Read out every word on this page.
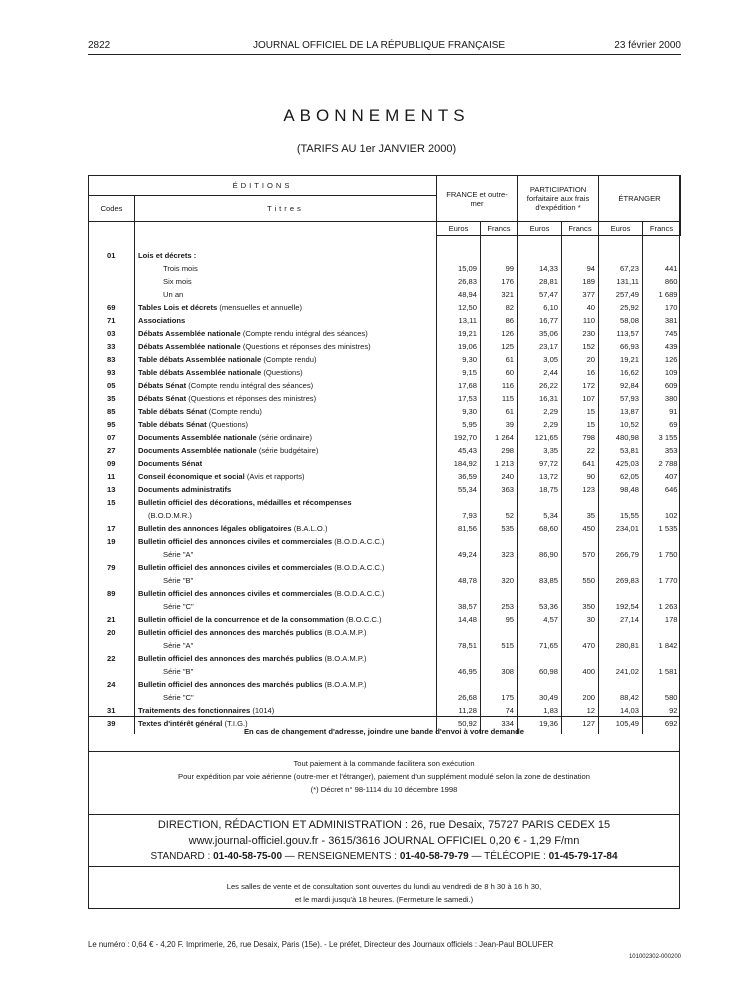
2822	JOURNAL OFFICIEL DE LA RÉPUBLIQUE FRANÇAISE	23 février 2000
ABONNEMENTS
(TARIFS AU 1er JANVIER 2000)
ÉDITIONS		FRANCE et outre-mer		PARTICIPATION forfaitaire aux frais d'expédition *		ÉTRANGER	
Codes	Titres						
		Euros	Francs	Euros	Francs	Euros	Francs

01	Lois et décrets :						
	Trois mois	15,09	99	14,33	94	67,23	441
	Six mois	26,83	176	28,81	189	131,11	860
	Un an	48,94	321	57,47	377	257,49	1 689
69	Tables Lois et décrets (mensuelles et annuelle)	12,50	82	6,10	40	25,92	170
71	Associations	13,11	86	16,77	110	58,08	381
03	Débats Assemblée nationale (Compte rendu intégral des séances)	19,21	126	35,06	230	113,57	745
33	Débats Assemblée nationale (Questions et réponses des ministres)	19,06	125	23,17	152	66,93	439
83	Table débats Assemblée nationale (Compte rendu)	9,30	61	3,05	20	19,21	126
93	Table débats Assemblée nationale (Questions)	9,15	60	2,44	16	16,62	109
05	Débats Sénat (Compte rendu intégral des séances)	17,68	116	26,22	172	92,84	609
35	Débats Sénat (Questions et réponses des ministres)	17,53	115	16,31	107	57,93	380
85	Table débats Sénat (Compte rendu)	9,30	61	2,29	15	13,87	91
95	Table débats Sénat (Questions)	5,95	39	2,29	15	10,52	69
07	Documents Assemblée nationale (série ordinaire)	192,70	1 264	121,65	798	480,98	3 155
27	Documents Assemblée nationale (série budgétaire)	45,43	298	3,35	22	53,81	353
09	Documents Sénat	184,92	1 213	97,72	641	425,03	2 788
11	Conseil économique et social (Avis et rapports)	36,59	240	13,72	90	62,05	407
13	Documents administratifs	55,34	363	18,75	123	98,48	646
15	Bulletin officiel des décorations, médailles et récompenses						
	(B.O.D.M.R.)	7,93	52	5,34	35	15,55	102
17	Bulletin des annonces légales obligatoires (B.A.L.O.)	81,56	535	68,60	450	234,01	1 535
19	Bulletin officiel des annonces civiles et commerciales (B.O.D.A.C.C.)						
	Série "A"	49,24	323	86,90	570	266,79	1 750
79	Bulletin officiel des annonces civiles et commerciales (B.O.D.A.C.C.)						
	Série "B"	48,78	320	83,85	550	269,83	1 770
89	Bulletin officiel des annonces civiles et commerciales (B.O.D.A.C.C.)						
	Série "C"	38,57	253	53,36	350	192,54	1 263
21	Bulletin officiel de la concurrence et de la consommation (B.O.C.C.)	14,48	95	4,57	30	27,14	178
20	Bulletin officiel des annonces des marchés publics (B.O.A.M.P.)						
	Série "A"	78,51	515	71,65	470	280,81	1 842
22	Bulletin officiel des annonces des marchés publics (B.O.A.M.P.)						
	Série "B"	46,95	308	60,98	400	241,02	1 581
24	Bulletin officiel des annonces des marchés publics (B.O.A.M.P.)						
	Série "C"	26,68	175	30,49	200	88,42	580
31	Traitements des fonctionnaires (1014)	11,28	74	1,83	12	14,03	92
39	Textes d'intérêt général (T.I.G.)	50,92	334	19,36	127	105,49	692
En cas de changement d'adresse, joindre une bande d'envoi à votre demande
Tout paiement à la commande facilitera son exécution
Pour expédition par voie aérienne (outre-mer et l'étranger), paiement d'un supplément modulé selon la zone de destination
(*) Décret n° 98-1114 du 10 décembre 1998
DIRECTION, RÉDACTION ET ADMINISTRATION : 26, rue Desaix, 75727 PARIS CEDEX 15
www.journal-officiel.gouv.fr - 3615/3616 JOURNAL OFFICIEL 0,20 € - 1,29 F/mn
STANDARD : 01-40-58-75-00 — RENSEIGNEMENTS : 01-40-58-79-79 — TÉLÉCOPIE : 01-45-79-17-84
Les salles de vente et de consultation sont ouvertes du lundi au vendredi de 8 h 30 à 16 h 30,
et le mardi jusqu'à 18 heures. (Fermeture le samedi.)
Le numéro : 0,64 € - 4,20 F. Imprimerie, 26, rue Desaix, Paris (15e). - Le préfet, Directeur des Journaux officiels : Jean-Paul BOLUFER
101002302-000200
